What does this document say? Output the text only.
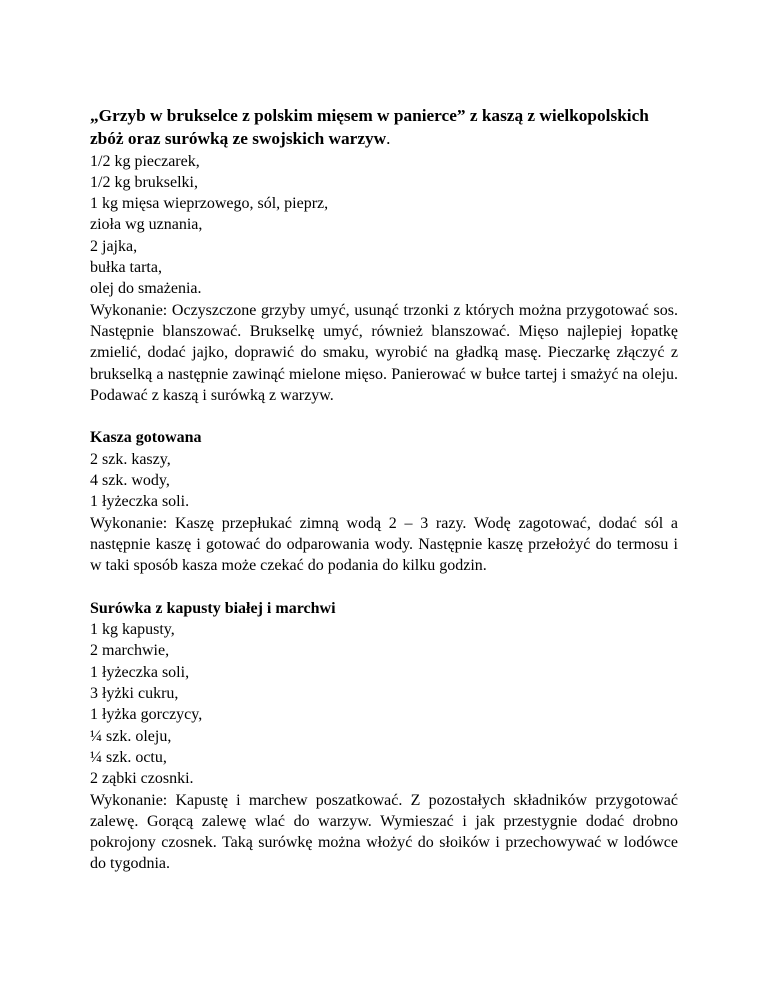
„Grzyb w brukselce z polskim mięsem w panierce” z kaszą z wielkopolskich zbóż oraz surówką ze swojskich warzyw.

1/2 kg pieczarek,
1/2 kg brukselki,
1 kg mięsa wieprzowego, sól, pieprz,
zioła wg uznania,
2 jajka,
bułka tarta,
olej do smażenia.

Wykonanie: Oczyszczone grzyby umyć, usunąć trzonki z których można przygotować sos. Następnie blanszować. Brukselkę umyć, również blanszować. Mięso najlepiej łopatkę zmielić, dodać jajko, doprawić do smaku, wyrobić na gładką masę. Pieczarkę złączyć z brukselką a następnie zawinąć mielone mięso. Panierować w bułce tartej i smażyć na oleju. Podawać z kaszą i surówką z warzyw.

Kasza gotowana

2 szk. kaszy,
4 szk. wody,
1 łyżeczka soli.

Wykonanie: Kaszę przepłukać zimną wodą 2 – 3 razy. Wodę zagotować, dodać sól a następnie kaszę i gotować do odparowania wody. Następnie kaszę przełożyć do termosu i w taki sposób kasza może czekać do podania do kilku godzin.

Surówka z kapusty białej i marchwi

1 kg kapusty,
2 marchwie,
1 łyżeczka soli,
3 łyżki cukru,
1 łyżka gorczycy,
¼ szk. oleju,
¼ szk. octu,
2 ząbki czosnki.

Wykonanie: Kapustę i marchew poszatkować. Z pozostałych składników przygotować zalewę. Gorącą zalewę wlać do warzyw. Wymieszać i jak przestygnie dodać drobno pokrojony czosnek. Taką surówkę można włożyć do słoików i przechowywać w lodówce do tygodnia.
